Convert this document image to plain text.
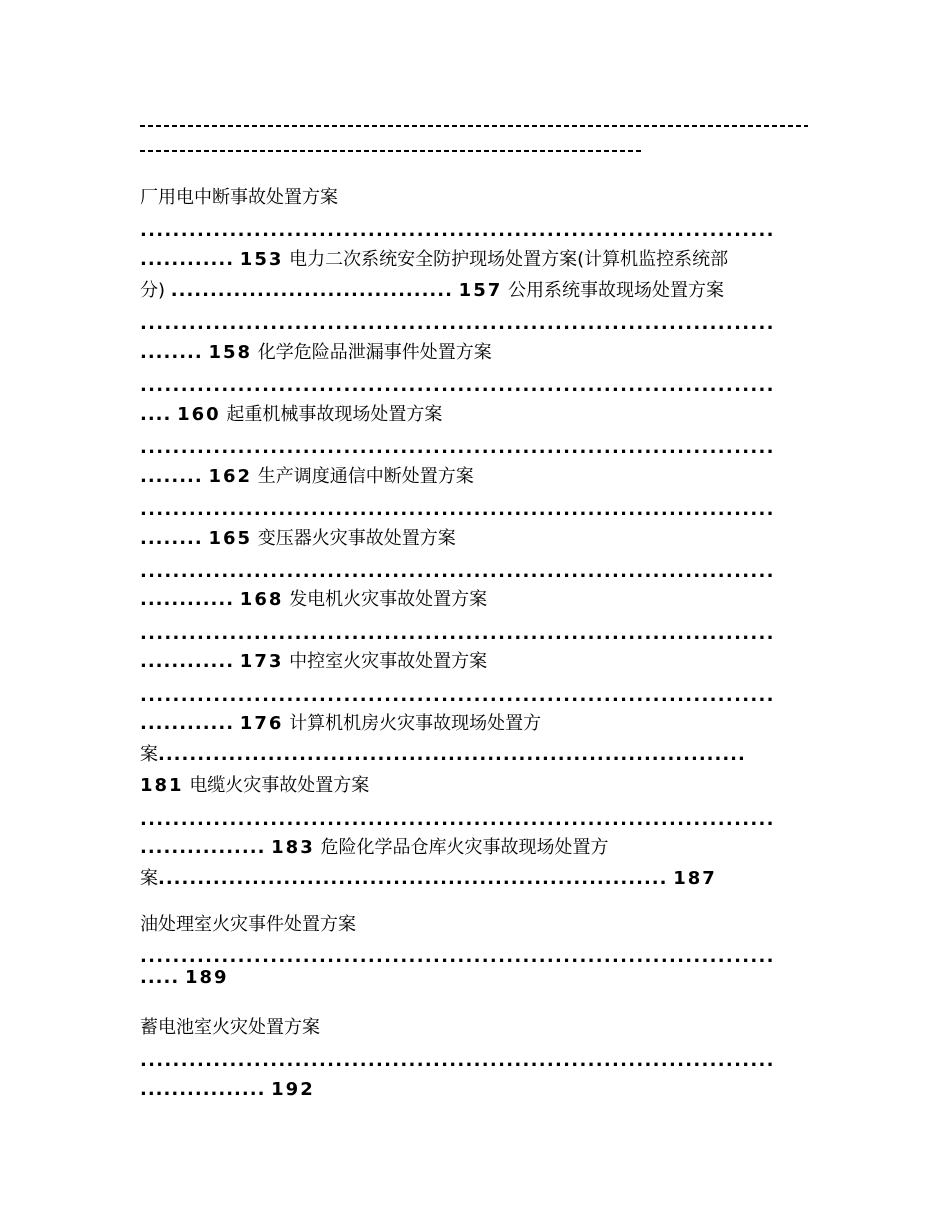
厂用电中断事故处置方案
..............................................................................
............ 153 电力二次系统安全防护现场处置方案(计算机监控系统部
分) .................................... 157 公用系统事故现场处置方案
..............................................................................
........ 158 化学危险品泄漏事件处置方案
..............................................................................
.... 160 起重机械事故现场处置方案
..............................................................................
........ 162 生产调度通信中断处置方案
..............................................................................
........ 165 变压器火灾事故处置方案
..............................................................................
............ 168 发电机火灾事故处置方案
..............................................................................
............ 173 中控室火灾事故处置方案
..............................................................................
............ 176 计算机机房火灾事故现场处置方
案...........................................................................
181 电缆火灾事故处置方案
..............................................................................
................ 183 危险化学品仓库火灾事故现场处置方
案................................................................. 187
油处理室火灾事件处置方案
..............................................................................
..... 189
蓄电池室火灾处置方案
..............................................................................
................ 192
